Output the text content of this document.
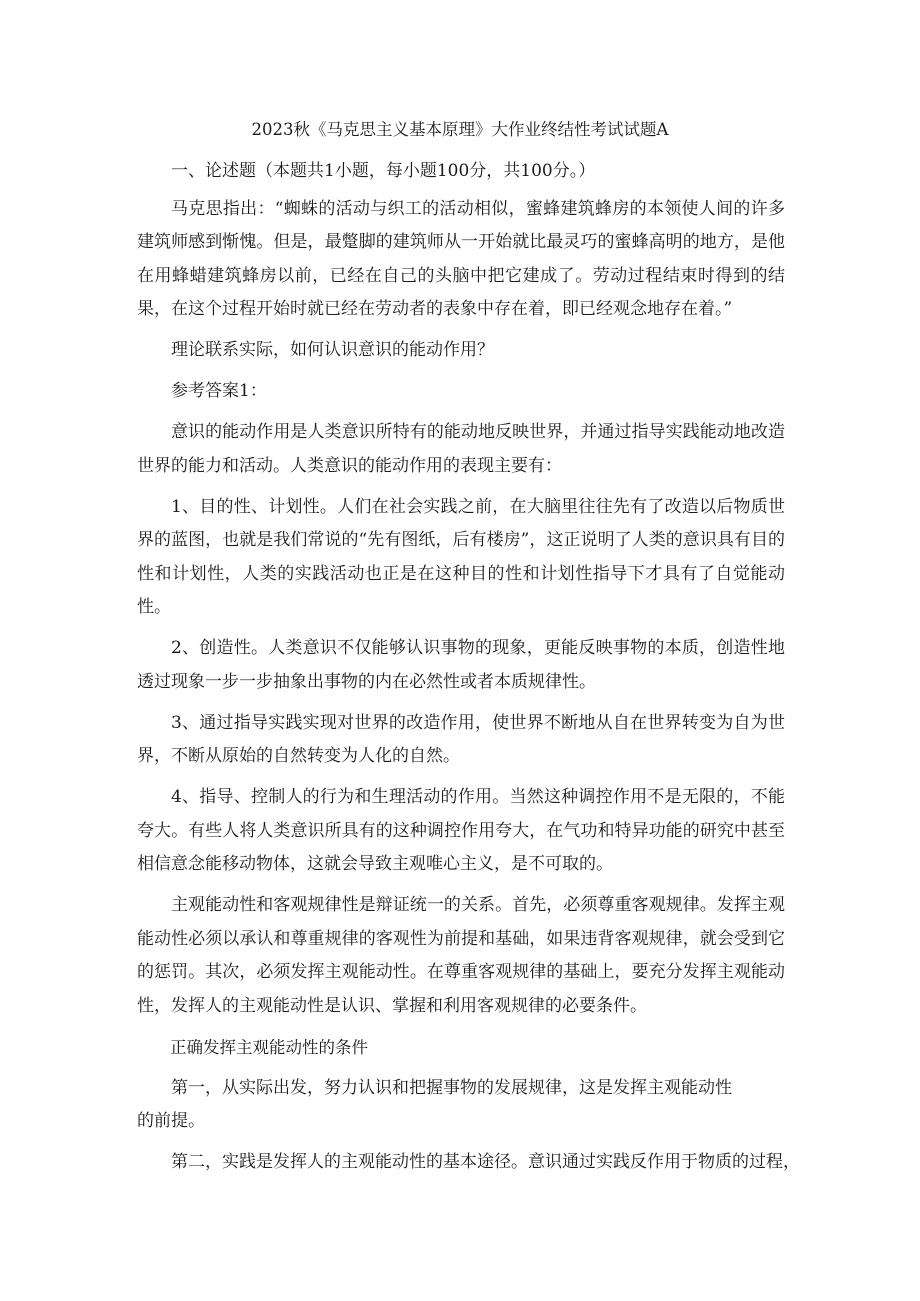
2023秋《马克思主义基本原理》大作业终结性考试试题A

一、论述题（本题共1小题，每小题100分，共100分。）

马克思指出：“蜘蛛的活动与织工的活动相似，蜜蜂建筑蜂房的本领使人间的许多建筑师感到惭愧。但是，最蹩脚的建筑师从一开始就比最灵巧的蜜蜂高明的地方，是他在用蜂蜡建筑蜂房以前，已经在自己的头脑中把它建成了。劳动过程结束时得到的结果，在这个过程开始时就已经在劳动者的表象中存在着，即已经观念地存在着。”

理论联系实际，如何认识意识的能动作用？

参考答案1：

意识的能动作用是人类意识所特有的能动地反映世界，并通过指导实践能动地改造世界的能力和活动。人类意识的能动作用的表现主要有：

1、目的性、计划性。人们在社会实践之前，在大脑里往往先有了改造以后物质世界的蓝图，也就是我们常说的“先有图纸，后有楼房”，这正说明了人类的意识具有目的性和计划性，人类的实践活动也正是在这种目的性和计划性指导下才具有了自觉能动性。

2、创造性。人类意识不仅能够认识事物的现象，更能反映事物的本质，创造性地透过现象一步一步抽象出事物的内在必然性或者本质规律性。

3、通过指导实践实现对世界的改造作用，使世界不断地从自在世界转变为自为世界，不断从原始的自然转变为人化的自然。

4、指导、控制人的行为和生理活动的作用。当然这种调控作用不是无限的，不能夸大。有些人将人类意识所具有的这种调控作用夸大，在气功和特异功能的研究中甚至相信意念能移动物体，这就会导致主观唯心主义，是不可取的。

主观能动性和客观规律性是辩证统一的关系。首先，必须尊重客观规律。发挥主观能动性必须以承认和尊重规律的客观性为前提和基础，如果违背客观规律，就会受到它的惩罚。其次，必须发挥主观能动性。在尊重客观规律的基础上，要充分发挥主观能动性，发挥人的主观能动性是认识、掌握和利用客观规律的必要条件。

正确发挥主观能动性的条件

第一，从实际出发，努力认识和把握事物的发展规律，这是发挥主观能动性

的前提。

第二，实践是发挥人的主观能动性的基本途径。意识通过实践反作用于物质的过程，
